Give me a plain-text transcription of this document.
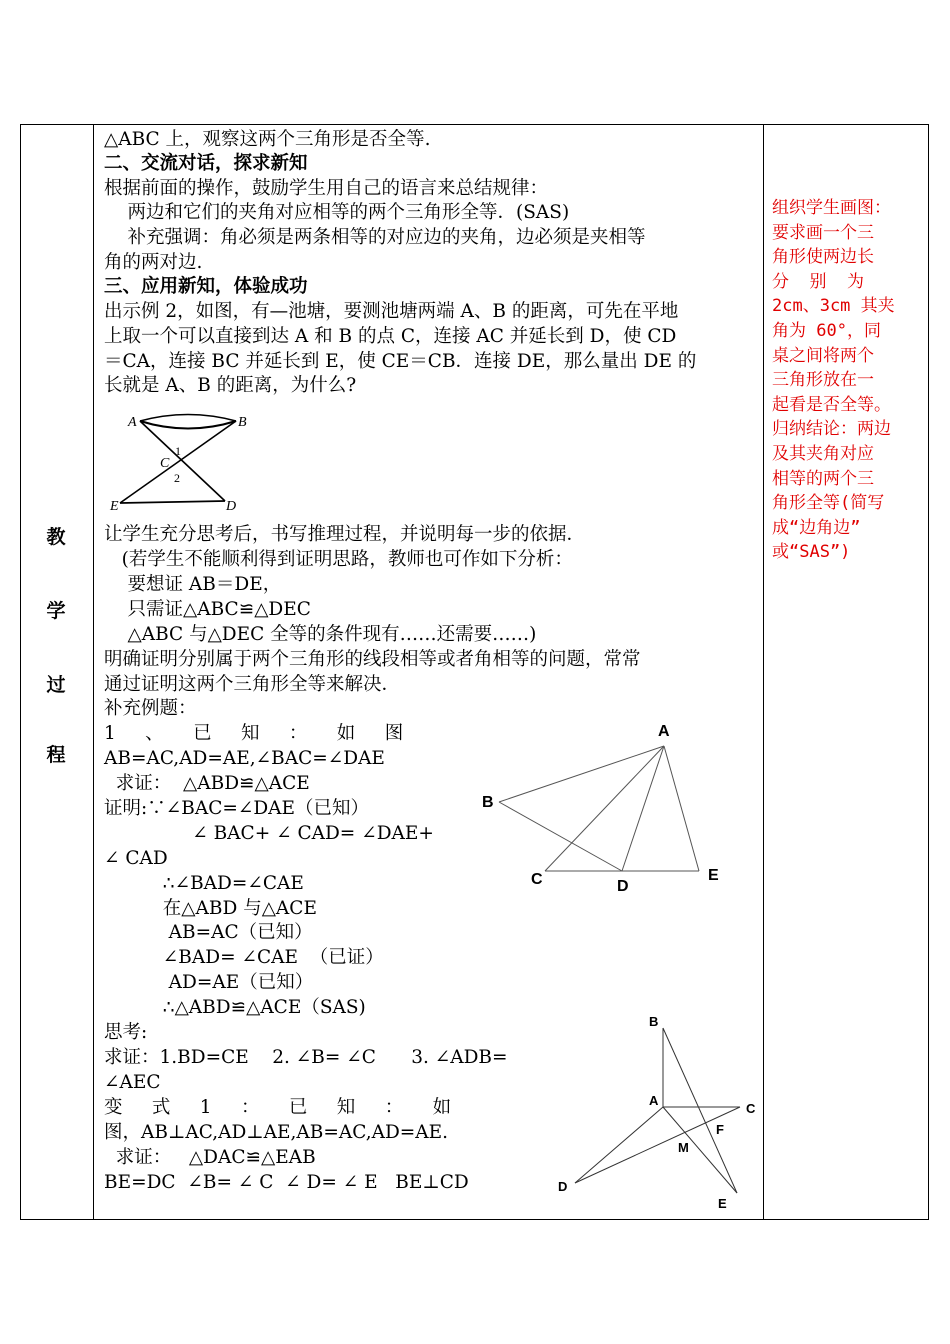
教
学
过
程
△ABC 上，观察这两个三角形是否全等.
二、交流对话，探求新知
根据前面的操作，鼓励学生用自己的语言来总结规律：
两边和它们的夹角对应相等的两个三角形全等．(SAS)
补充强调：角必须是两条相等的对应边的夹角，边必须是夹相等
角的两对边.
三、应用新知，体验成功
出示例 2，如图，有—池塘，要测池塘两端 A、B 的距离，可先在平地
上取一个可以直接到达 A 和 B 的点 C，连接 AC 并延长到 D，使 CD
＝CA，连接 BC 并延长到 E，使 CE＝CB．连接 DE，那么量出 DE 的
长就是 A、B 的距离，为什么?
A	B
C
D
E
1
2
让学生充分思考后，书写推理过程，并说明每一步的依据．
(若学生不能顺利得到证明思路，教师也可作如下分析：
要想证 AB＝DE，
只需证△ABC≌△DEC
△ABC 与△DEC 全等的条件现有……还需要……)
明确证明分别属于两个三角形的线段相等或者角相等的问题，常常
通过证明这两个三角形全等来解决．
补充例题：
1     、     已     知     ：     如     图
AB=AC,AD=AE,∠BAC=∠DAE
求证：  △ABD≌△ACE
证明:∵∠BAC=∠DAE（已知）
∠ BAC+ ∠ CAD= ∠DAE+
∠ CAD
∴∠BAD=∠CAE
在△ABD 与△ACE
AB=AC（已知）
∠BAD= ∠CAE  （已证）
AD=AE（已知）
∴△ABD≌△ACE（SAS)
思考:
求证：1.BD=CE    2. ∠B= ∠C      3. ∠ADB=
∠AEC
变     式     1     ：     已     知     ：     如
图，AB⊥AC,AD⊥AE,AB=AC,AD=AE.
求证：   △DAC≌△EAB
BE=DC  ∠B= ∠ C  ∠ D= ∠ E   BE⊥CD
A
B
C	D
E
B
A
C
F
M
D
E
组织学生画图：
要求画一个三
角形使两边长
分  别  为
2cm、3cm 其夹
角为 60°，同
桌之间将两个
三角形放在一
起看是否全等。
归纳结论：两边
及其夹角对应
相等的两个三
角形全等(简写
成“边角边”
或“SAS”)
